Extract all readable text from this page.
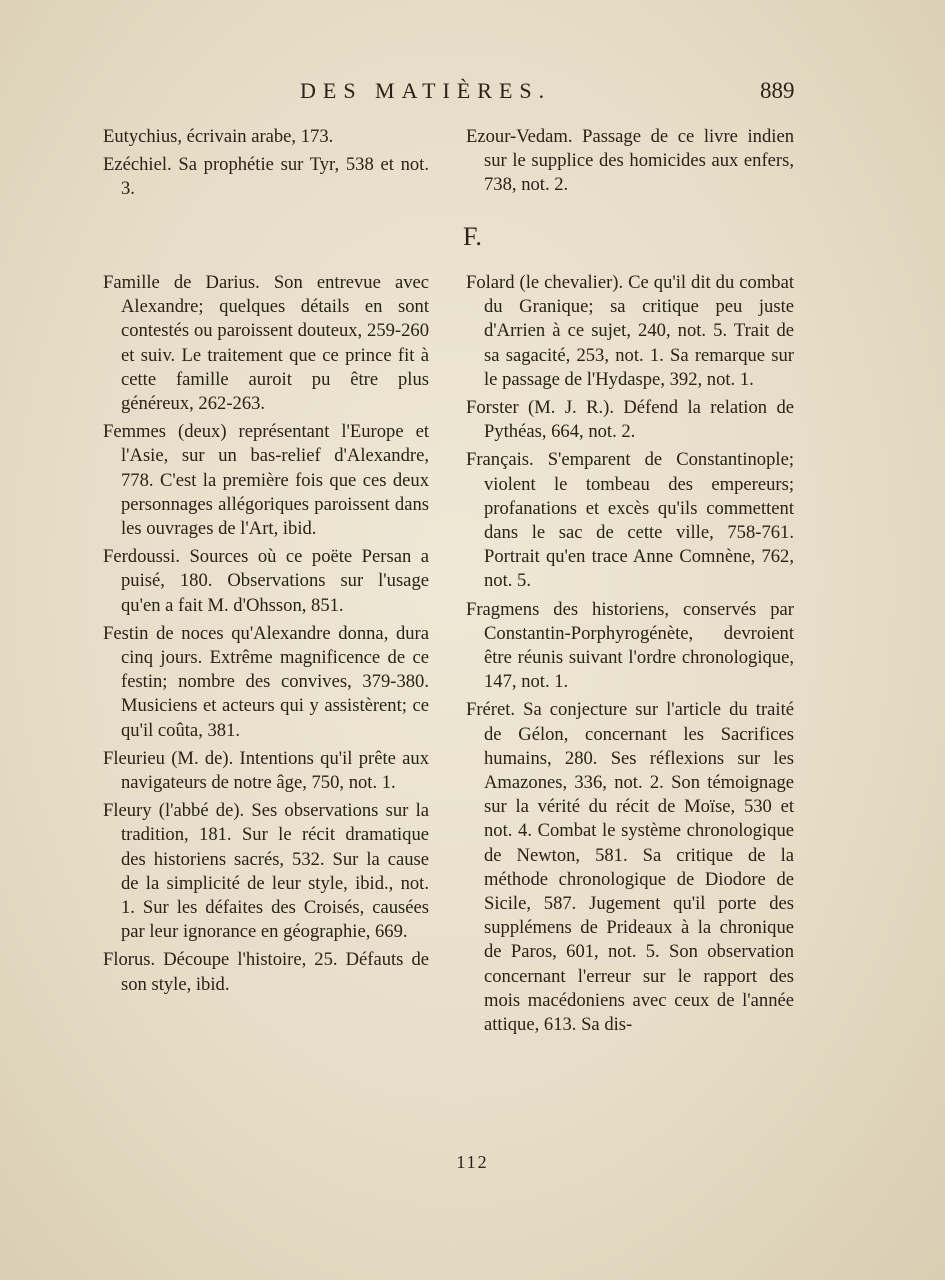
DES MATIÈRES.	889

Eutychius, écrivain arabe, 173.

Ezéchiel. Sa prophétie sur Tyr, 538 et not. 3.

Ezour-Vedam. Passage de ce livre indien sur le supplice des homicides aux enfers, 738, not. 2.

F.

Famille de Darius. Son entrevue avec Alexandre; quelques détails en sont contestés ou paroissent douteux, 259-260 et suiv. Le traitement que ce prince fit à cette famille auroit pu être plus généreux, 262-263.

Femmes (deux) représentant l'Europe et l'Asie, sur un bas-relief d'Alexandre, 778. C'est la première fois que ces deux personnages allégoriques paroissent dans les ouvrages de l'Art, ibid.

Ferdoussi. Sources où ce poëte Persan a puisé, 180. Observations sur l'usage qu'en a fait M. d'Ohsson, 851.

Festin de noces qu'Alexandre donna, dura cinq jours. Extrême magnificence de ce festin; nombre des convives, 379-380. Musiciens et acteurs qui y assistèrent; ce qu'il coûta, 381.

Fleurieu (M. de). Intentions qu'il prête aux navigateurs de notre âge, 750, not. 1.

Fleury (l'abbé de). Ses observations sur la tradition, 181. Sur le récit dramatique des historiens sacrés, 532. Sur la cause de la simplicité de leur style, ibid., not. 1. Sur les défaites des Croisés, causées par leur ignorance en géographie, 669.

Florus. Découpe l'histoire, 25. Défauts de son style, ibid.

Folard (le chevalier). Ce qu'il dit du combat du Granique; sa critique peu juste d'Arrien à ce sujet, 240, not. 5. Trait de sa sagacité, 253, not. 1. Sa remarque sur le passage de l'Hydaspe, 392, not. 1.

Forster (M. J. R.). Défend la relation de Pythéas, 664, not. 2.

Français. S'emparent de Constantinople; violent le tombeau des empereurs; profanations et excès qu'ils commettent dans le sac de cette ville, 758-761. Portrait qu'en trace Anne Comnène, 762, not. 5.

Fragmens des historiens, conservés par Constantin-Porphyrogénète, devroient être réunis suivant l'ordre chronologique, 147, not. 1.

Fréret. Sa conjecture sur l'article du traité de Gélon, concernant les Sacrifices humains, 280. Ses réflexions sur les Amazones, 336, not. 2. Son témoignage sur la vérité du récit de Moïse, 530 et not. 4. Combat le système chronologique de Newton, 581. Sa critique de la méthode chronologique de Diodore de Sicile, 587. Jugement qu'il porte des supplémens de Prideaux à la chronique de Paros, 601, not. 5. Son observation concernant l'erreur sur le rapport des mois macédoniens avec ceux de l'année attique, 613. Sa dis-

112
